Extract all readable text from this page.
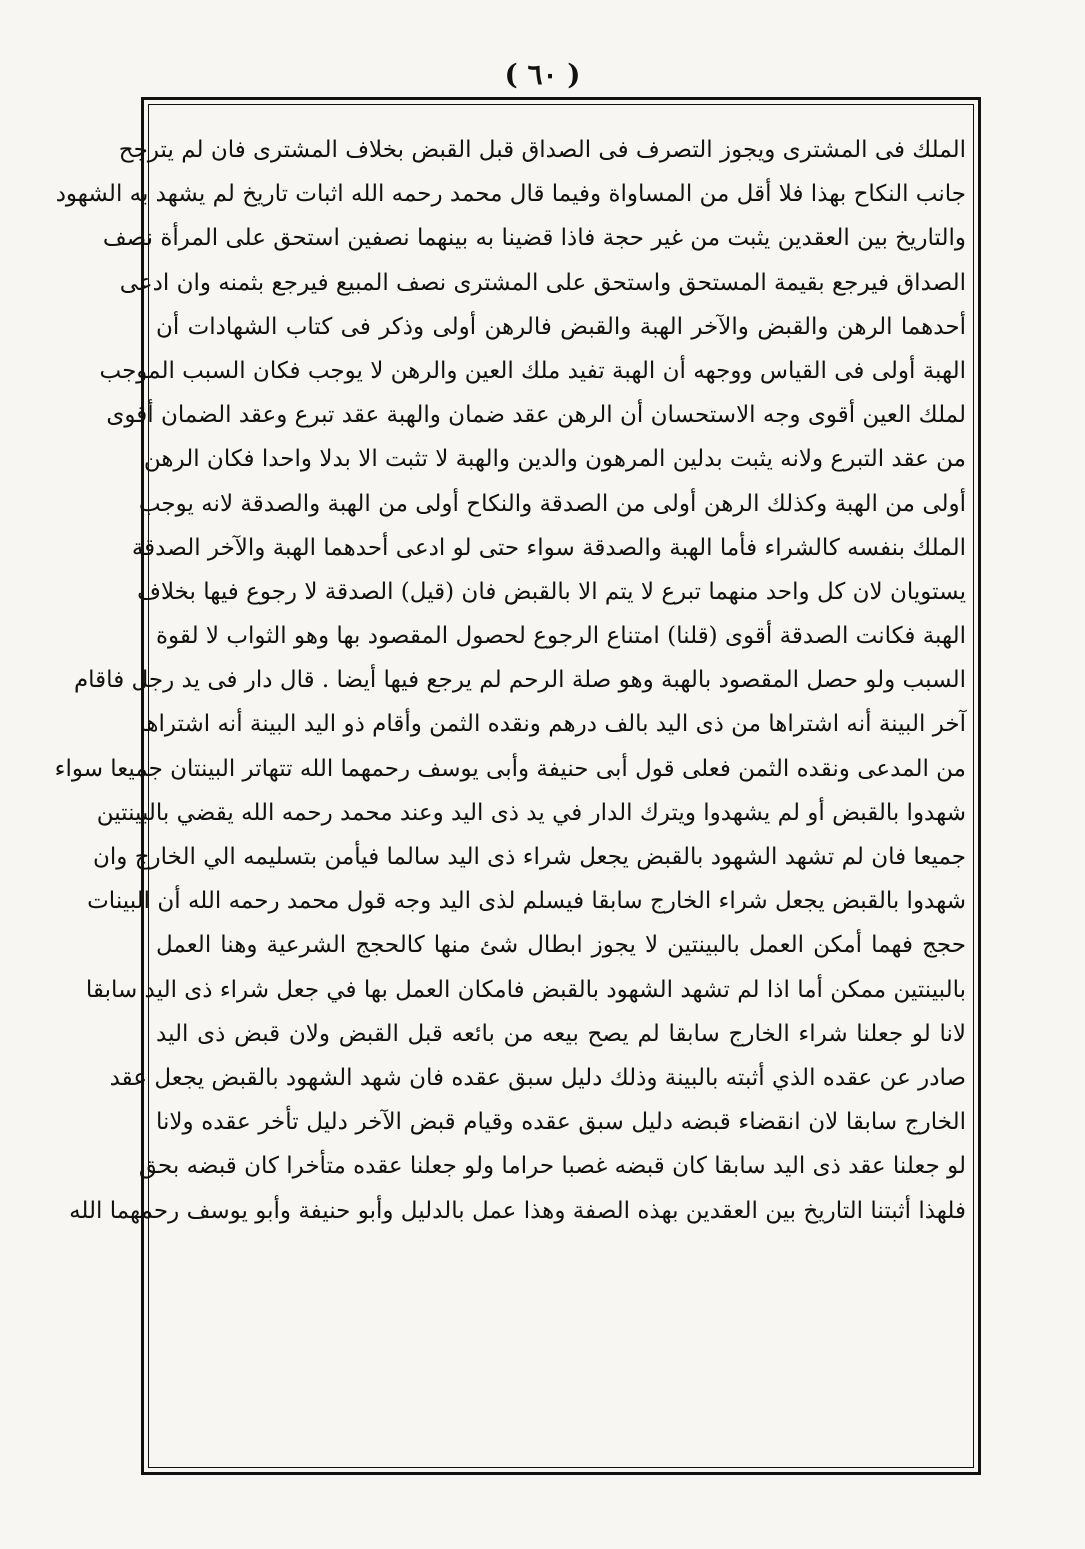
( ٦٠ )
الملك فى المشترى ويجوز التصرف فى الصداق قبل القبض بخلاف المشترى فان لم يترجح
جانب النكاح بهذا فلا أقل من المساواة وفيما قال محمد رحمه الله اثبات تاريخ لم يشهد به الشهود
والتاريخ بين العقدين يثبت من غير حجة فاذا قضينا به بينهما نصفين استحق على المرأة نصف
الصداق فيرجع بقيمة المستحق واستحق على المشترى نصف المبيع فيرجع بثمنه وان ادعى
أحدهما الرهن والقبض والآخر الهبة والقبض فالرهن أولى وذكر فى كتاب الشهادات أن
الهبة أولى فى القياس ووجهه أن الهبة تفيد ملك العين والرهن لا يوجب فكان السبب الموجب
لملك العين أقوى وجه الاستحسان أن الرهن عقد ضمان والهبة عقد تبرع وعقد الضمان أقوى
من عقد التبرع ولانه يثبت بدلين المرهون والدين والهبة لا تثبت الا بدلا واحدا فكان الرهن
أولى من الهبة وكذلك الرهن أولى من الصدقة والنكاح أولى من الهبة والصدقة لانه يوجب
الملك بنفسه كالشراء فأما الهبة والصدقة سواء حتى لو ادعى أحدهما الهبة والآخر الصدقة
يستويان لان كل واحد منهما تبرع لا يتم الا بالقبض فان (قيل) الصدقة لا رجوع فيها بخلاف
الهبة فكانت الصدقة أقوى (قلنا) امتناع الرجوع لحصول المقصود بها وهو الثواب لا لقوة
السبب ولو حصل المقصود بالهبة وهو صلة الرحم لم يرجع فيها أيضا . قال دار فى يد رجل فاقام
آخر البينة أنه اشتراها من ذى اليد بالف درهم ونقده الثمن وأقام ذو اليد البينة أنه اشتراها
من المدعى ونقده الثمن فعلى قول أبى حنيفة وأبى يوسف رحمهما الله تتهاتر البينتان جميعا سواء
شهدوا بالقبض أو لم يشهدوا ويترك الدار في يد ذى اليد وعند محمد رحمه الله يقضي بالبينتين
جميعا فان لم تشهد الشهود بالقبض يجعل شراء ذى اليد سالما فيأمن بتسليمه الي الخارج وان
شهدوا بالقبض يجعل شراء الخارج سابقا فيسلم لذى اليد وجه قول محمد رحمه الله أن البينات
حجج فهما أمكن العمل بالبينتين لا يجوز ابطال شئ منها كالحجج الشرعية وهنا العمل
بالبينتين ممكن أما اذا لم تشهد الشهود بالقبض فامكان العمل بها في جعل شراء ذى اليد سابقا
لانا لو جعلنا شراء الخارج سابقا لم يصح بيعه من بائعه قبل القبض ولان قبض ذى اليد
صادر عن عقده الذي أثبته بالبينة وذلك دليل سبق عقده فان شهد الشهود بالقبض يجعل عقد
الخارج سابقا لان انقضاء قبضه دليل سبق عقده وقيام قبض الآخر دليل تأخر عقده ولانا
لو جعلنا عقد ذى اليد سابقا كان قبضه غصبا حراما ولو جعلنا عقده متأخرا كان قبضه بحق
فلهذا أثبتنا التاريخ بين العقدين بهذه الصفة وهذا عمل بالدليل وأبو حنيفة وأبو يوسف رحمهما الله
